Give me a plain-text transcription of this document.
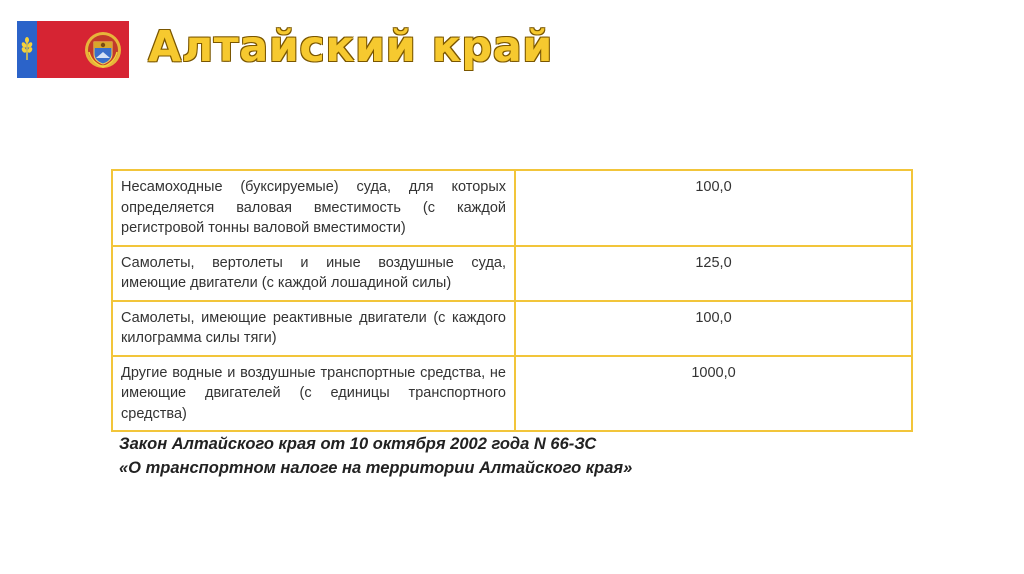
Алтайский край
Несамоходные (буксируемые) суда, для которых определяется валовая вместимость (с каждой регистровой тонны валовой вместимости)	100,0
Самолеты, вертолеты и иные воздушные суда, имеющие двигатели (с каждой лошадиной силы)	125,0
Самолеты, имеющие реактивные двигатели (с каждого килограмма силы тяги)	100,0
Другие водные и воздушные транспортные средства, не имеющие двигателей (с единицы транспортного средства)	1000,0
Закон Алтайского края от 10 октября 2002 года N 66-ЗС
«О транспортном налоге на территории Алтайского края»
